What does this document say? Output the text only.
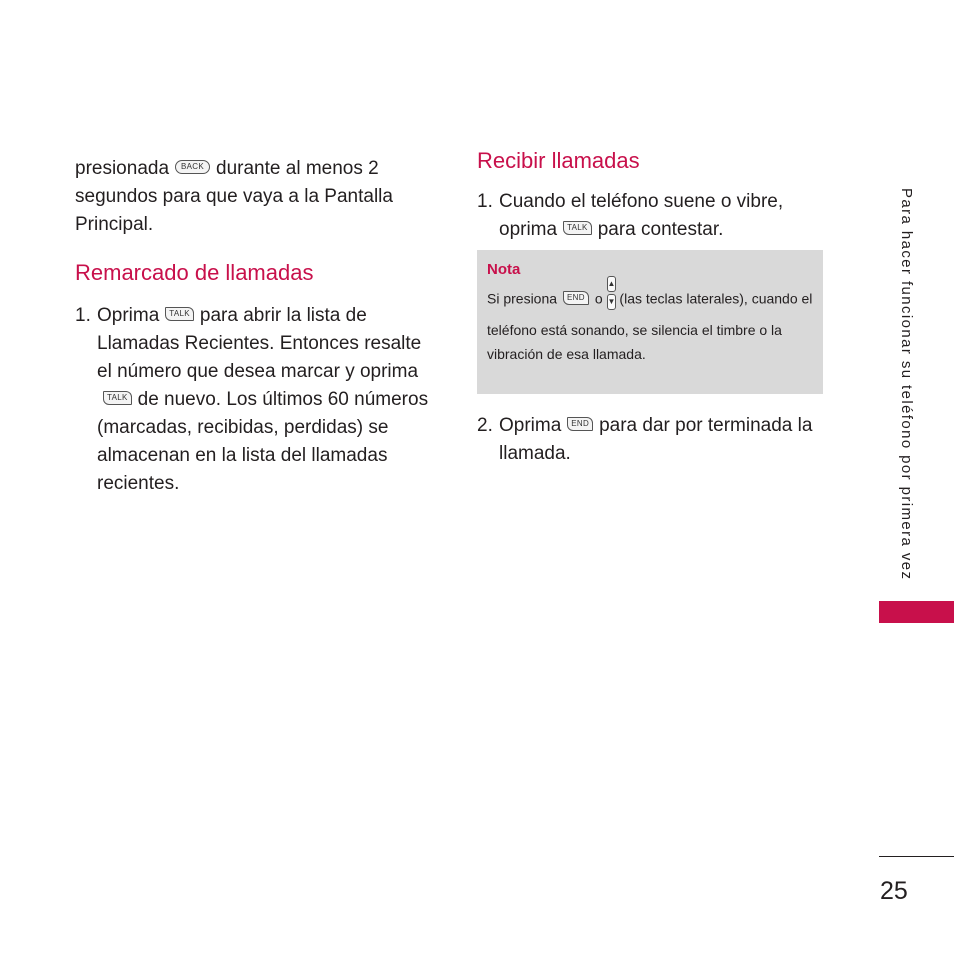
presionada BACK durante al menos 2 segundos para que vaya a la Pantalla Principal.

Remarcado de llamadas
1. Oprima TALK para abrir la lista de Llamadas Recientes. Entonces resalte el número que desea marcar y oprimaTALK de nuevo. Los últimos 60 números (marcadas, recibidas, perdidas) se almacenan en la lista del llamadas recientes.
Recibir llamadas
1. Cuando el teléfono suene o vibre, oprima TALK para contestar.

Nota

Si presiona END o
▲
▼ (las teclas laterales), cuando el teléfono está sonando, se silencia el timbre o la vibración de esa llamada.

2. Oprima END para dar por terminada la llamada.	Para hacer funcionar su teléfono por primera vez
25
